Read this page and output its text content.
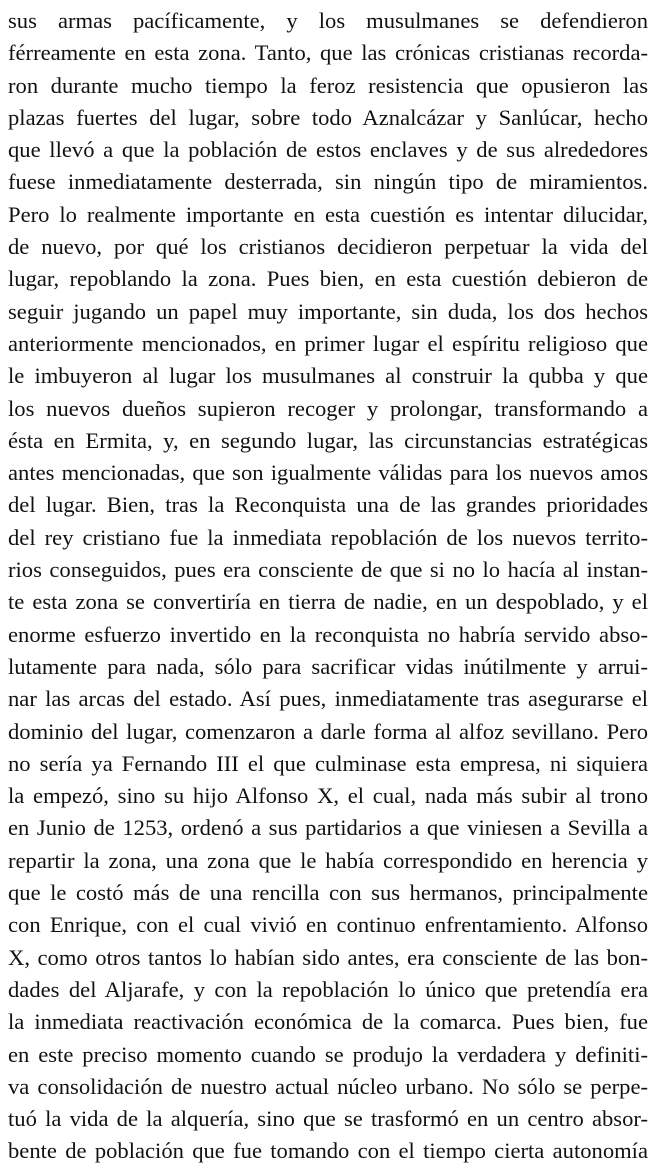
sus armas pacíficamente, y los musulmanes se defendieron
férreamente en esta zona. Tanto, que las crónicas cristianas recorda-
ron durante mucho tiempo la feroz resistencia que opusieron las
plazas fuertes del lugar, sobre todo Aznalcázar y Sanlúcar, hecho
que llevó a que la población de estos enclaves y de sus alrededores
fuese inmediatamente desterrada, sin ningún tipo de miramientos.
Pero lo realmente importante en esta cuestión es intentar dilucidar,
de nuevo, por qué los cristianos decidieron perpetuar la vida del
lugar, repoblando la zona. Pues bien, en esta cuestión debieron de
seguir jugando un papel muy importante, sin duda, los dos hechos
anteriormente mencionados, en primer lugar el espíritu religioso que
le imbuyeron al lugar los musulmanes al construir la qubba y que
los nuevos dueños supieron recoger y prolongar, transformando a
ésta en Ermita, y, en segundo lugar, las circunstancias estratégicas
antes mencionadas, que son igualmente válidas para los nuevos amos
del lugar. Bien, tras la Reconquista una de las grandes prioridades
del rey cristiano fue la inmediata repoblación de los nuevos territo-
rios conseguidos, pues era consciente de que si no lo hacía al instan-
te esta zona se convertiría en tierra de nadie, en un despoblado, y el
enorme esfuerzo invertido en la reconquista no habría servido abso-
lutamente para nada, sólo para sacrificar vidas inútilmente y arrui-
nar las arcas del estado. Así pues, inmediatamente tras asegurarse el
dominio del lugar, comenzaron a darle forma al alfoz sevillano. Pero
no sería ya Fernando III el que culminase esta empresa, ni siquiera
la empezó, sino su hijo Alfonso X, el cual, nada más subir al trono
en Junio de 1253, ordenó a sus partidarios a que viniesen a Sevilla a
repartir la zona, una zona que le había correspondido en herencia y
que le costó más de una rencilla con sus hermanos, principalmente
con Enrique, con el cual vivió en continuo enfrentamiento. Alfonso
X, como otros tantos lo habían sido antes, era consciente de las bon-
dades del Aljarafe, y con la repoblación lo único que pretendía era
la inmediata reactivación económica de la comarca. Pues bien, fue
en este preciso momento cuando se produjo la verdadera y definiti-
va consolidación de nuestro actual núcleo urbano. No sólo se perpe-
tuó la vida de la alquería, sino que se trasformó en un centro absor-
bente de población que fue tomando con el tiempo cierta autonomía
